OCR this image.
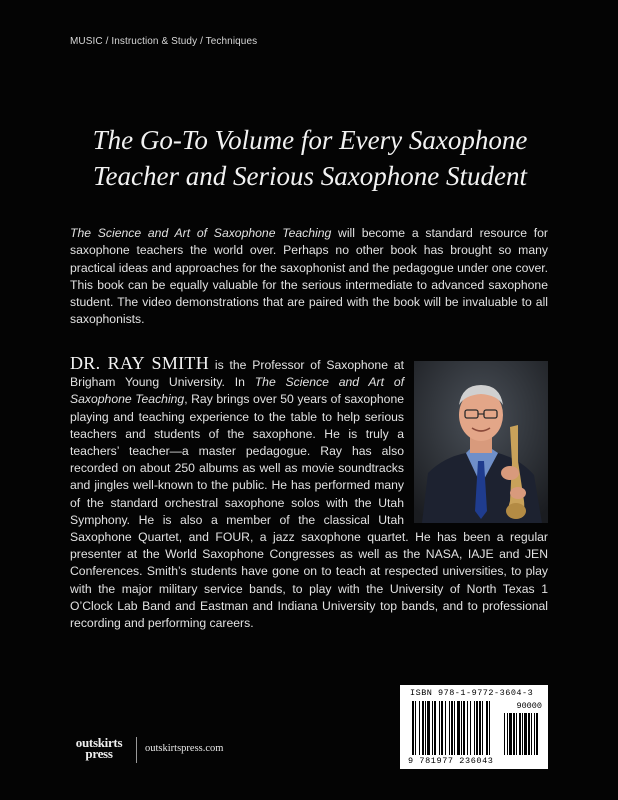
MUSIC / Instruction & Study / Techniques
The Go-To Volume for Every Saxophone
Teacher and Serious Saxophone Student

The Science and Art of Saxophone Teaching will become a standard resource for saxophone teachers the world over. Perhaps no other book has brought so many practical ideas and approaches for the saxophonist and the pedagogue under one cover. This book can be equally valuable for the serious intermediate to advanced saxophone student. The video demonstrations that are paired with the book will be invaluable to all saxophonists.

DR. RAY SMITH is the Professor of Saxophone at Brigham Young University. In The Science and Art of Saxophone Teaching, Ray brings over 50 years of saxophone playing and teaching experience to the table to help serious teachers and students of the saxophone. He is truly a teachers’ teacher—a master pedagogue. Ray has also recorded on about 250 albums as well as movie soundtracks and jingles well-known to the public. He has performed many of the standard orchestral saxophone solos with the Utah Symphony. He is also a member of the classical Utah Saxophone Quartet, and FOUR, a jazz saxophone quartet. He has been a regular presenter at the World Saxophone Congresses as well as the NASA, IAJE and JEN Conferences. Smith’s students have gone on to teach at respected universities, to play with the major military service bands, to play with the University of North Texas 1 O’Clock Lab Band and Eastman and Indiana University top bands, and to professional recording and performing careers.

ISBN 978-1-9772-3604-3
90000
9 781977 236043
outskirts
press	outskirtspress.com
